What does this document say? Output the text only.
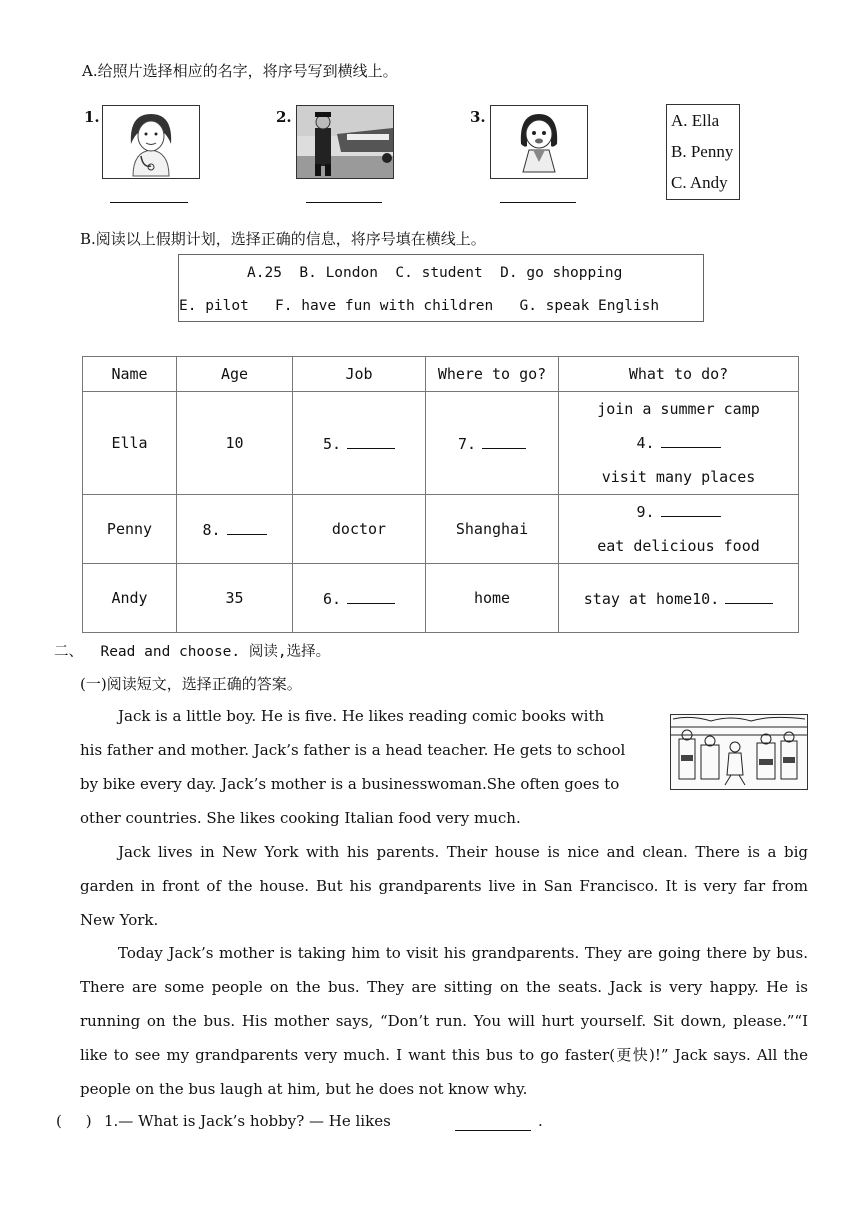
A.给照片选择相应的名字，将序号写到横线上。
1.	2.	3.	A. Ella
B. Penny
C. Andy
B.阅读以上假期计划，选择正确的信息，将序号填在横线上。
A.25  B. London  C. student  D. go shopping
E. pilot   F. have fun with children   G. speak English
Name	Age	Job	Where to go?	What to do?
Ella	10	5.	7.	join a summer camp
4.
visit many places

Penny	8.	doctor	Shanghai	9.
eat delicious food

Andy	35	6.	home	stay at home10.
二、  Read and choose. 阅读,选择。
(一)阅读短文，选择正确的答案。
Jack is a little boy. He is five. He likes reading comic books with
his father and mother. Jack’s father is a head teacher. He gets to school
by bike every day. Jack’s mother is a businesswoman.She often goes to
other countries. She likes cooking Italian food very much.

Jack lives in New York with his parents. Their house is nice and clean. There is a big garden in front of the house. But his grandparents live in San Francisco. It is very far from New York.

Today Jack’s mother is taking him to visit his grandparents. They are going there by bus. There are some people on the bus. They are sitting on the seats. Jack is very happy. He is running on the bus. His mother says, “Don’t run. You will hurt yourself. Sit down, please.”“I like to see my grandparents very much. I want this bus to go faster(更快)!” Jack says. All the people on the bus laugh at him, but he does not know why.

(     ) 1.— What is Jack’s hobby? — He likes	.
